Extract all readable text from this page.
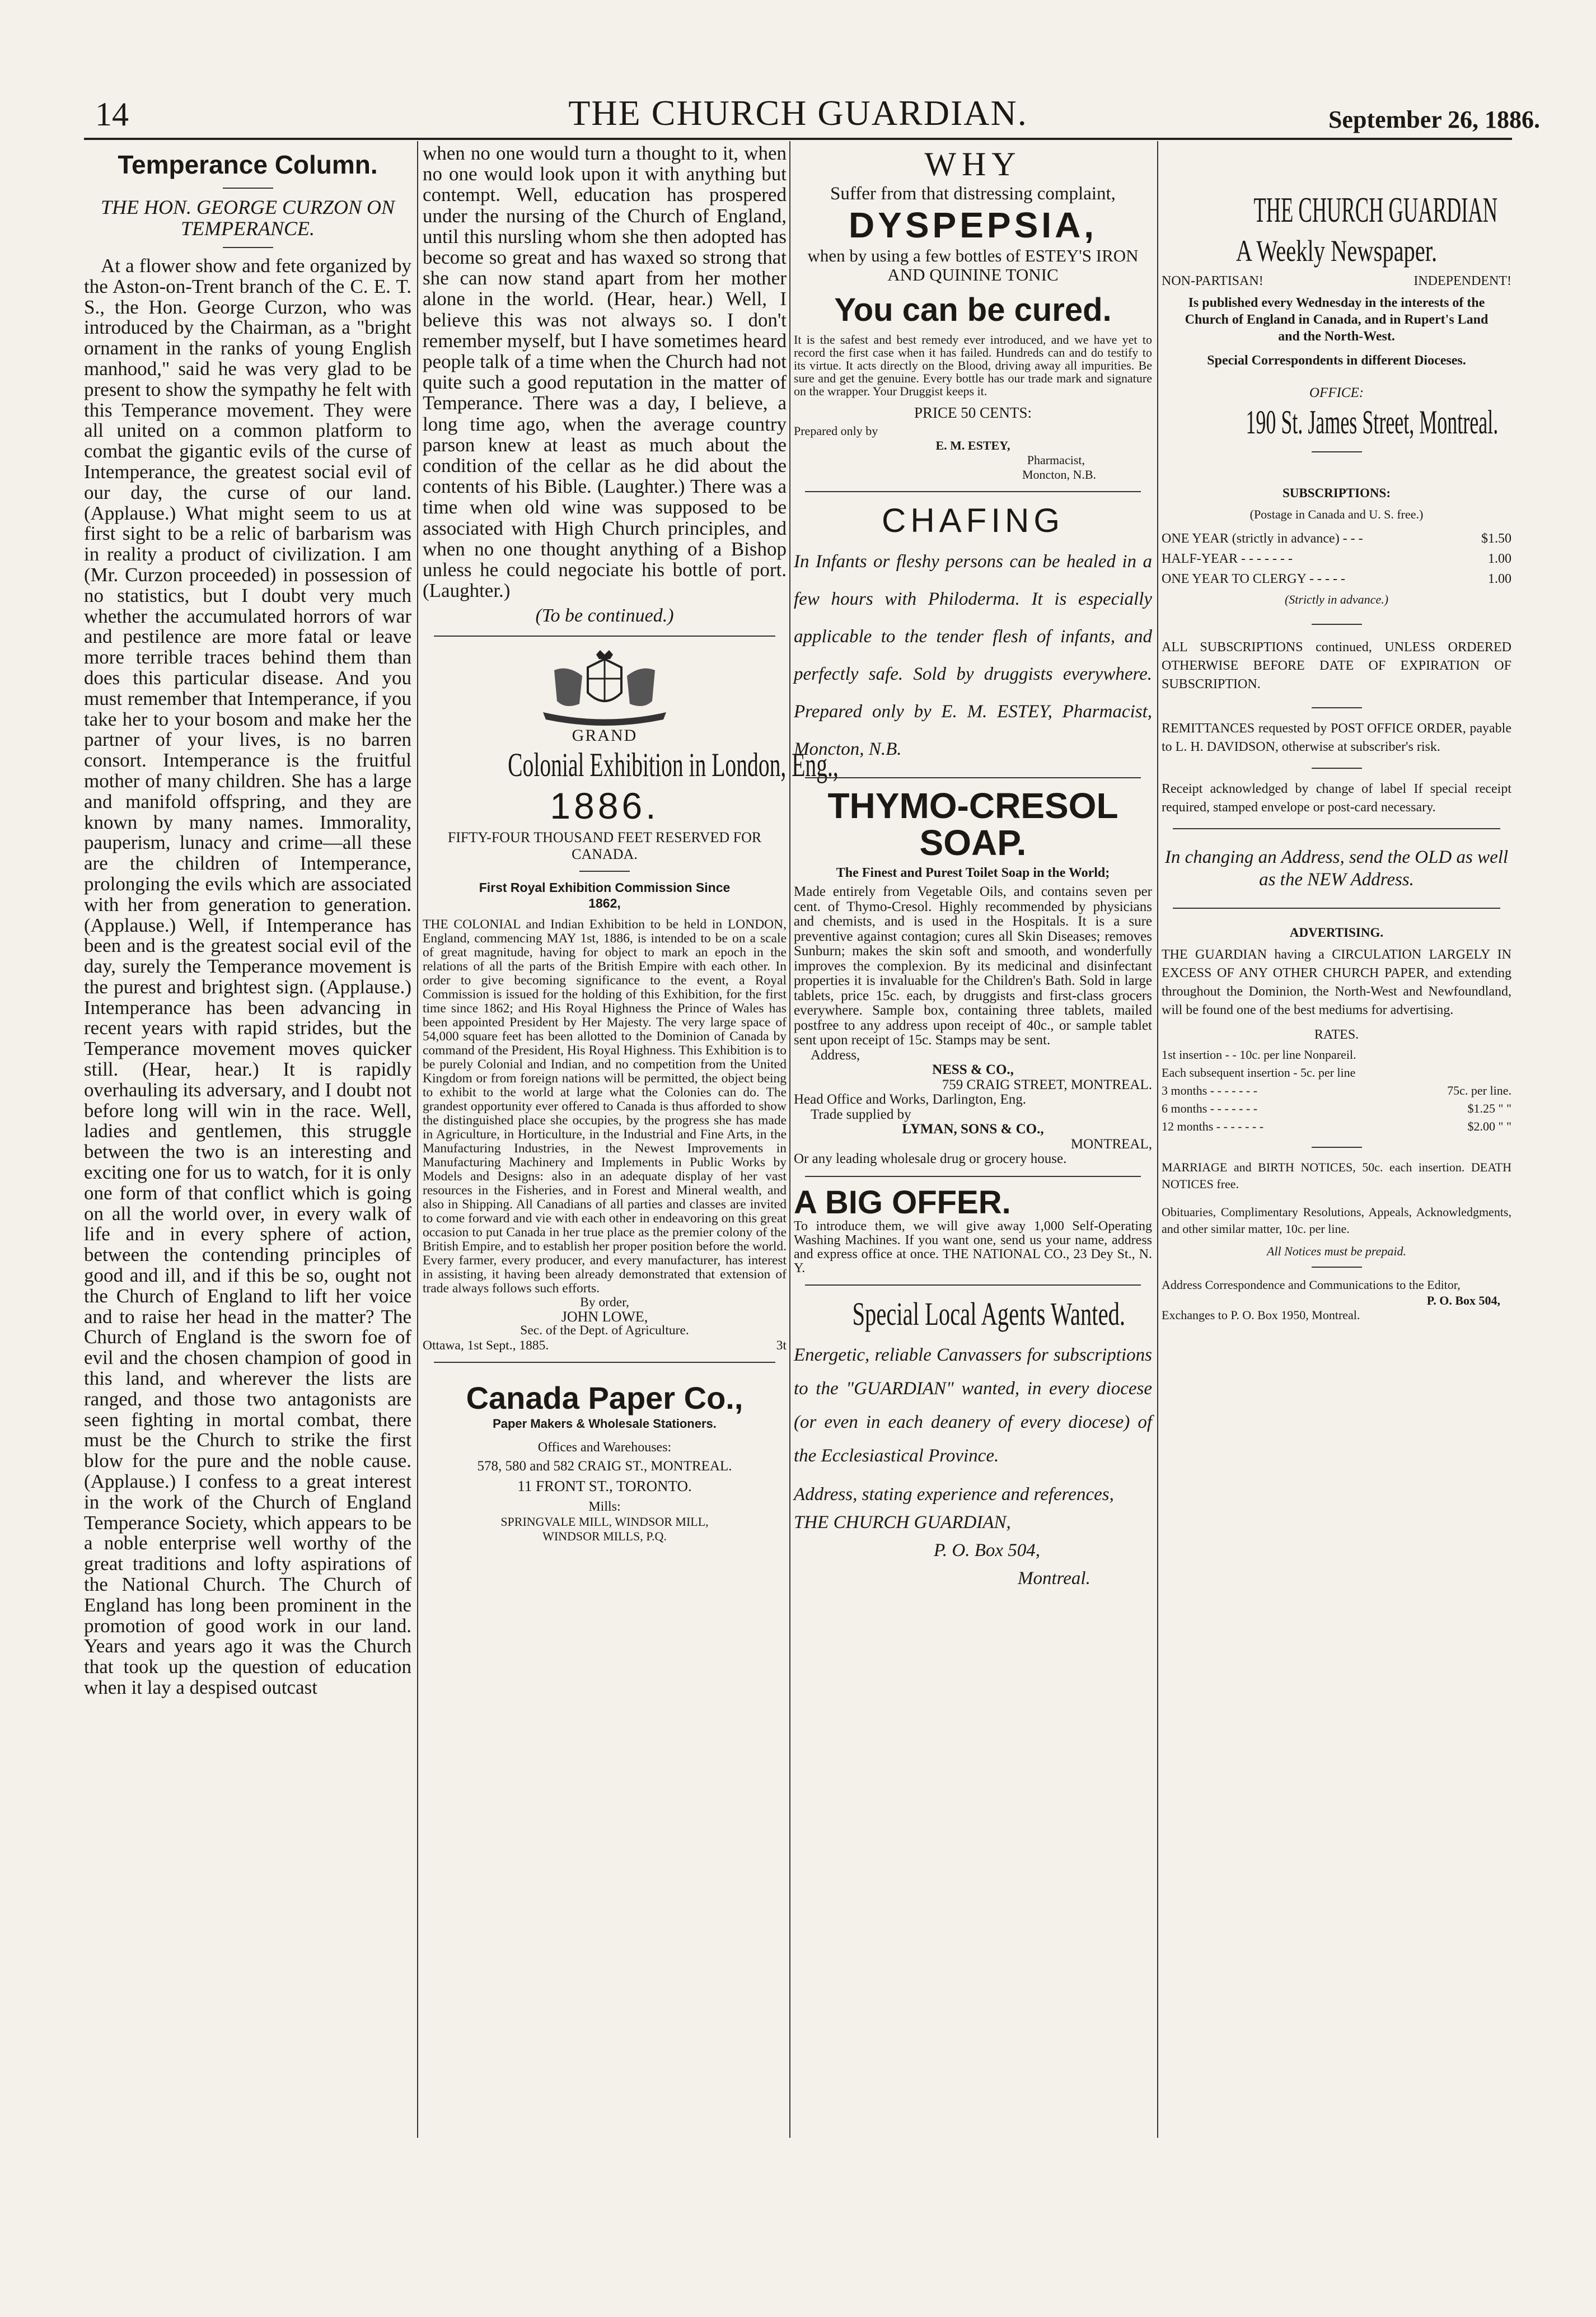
14	THE CHURCH GUARDIAN.	September 26, 1886.
Temperance Column.
THE HON. GEORGE CURZON ON TEMPERANCE.

At a flower show and fete organized by the Aston-on-Trent branch of the C. E. T. S., the Hon. George Curzon, who was introduced by the Chairman, as a "bright ornament in the ranks of young English manhood," said he was very glad to be present to show the sympathy he felt with this Temperance movement. They were all united on a common platform to combat the gigantic evils of the curse of Intemperance, the greatest social evil of our day, the curse of our land. (Applause.) What might seem to us at first sight to be a relic of barbarism was in reality a product of civilization. I am (Mr. Curzon proceeded) in possession of no statistics, but I doubt very much whether the accumulated horrors of war and pestilence are more fatal or leave more terrible traces behind them than does this particular disease. And you must remember that Intemperance, if you take her to your bosom and make her the partner of your lives, is no barren consort. Intemperance is the fruitful mother of many children. She has a large and manifold offspring, and they are known by many names. Immorality, pauperism, lunacy and crime—all these are the children of Intemperance, prolonging the evils which are associated with her from generation to generation. (Applause.) Well, if Intemperance has been and is the greatest social evil of the day, surely the Temperance movement is the purest and brightest sign. (Applause.) Intemperance has been advancing in recent years with rapid strides, but the Temperance movement moves quicker still. (Hear, hear.) It is rapidly overhauling its adversary, and I doubt not before long will win in the race. Well, ladies and gentlemen, this struggle between the two is an interesting and exciting one for us to watch, for it is only one form of that conflict which is going on all the world over, in every walk of life and in every sphere of action, between the contending principles of good and ill, and if this be so, ought not the Church of England to lift her voice and to raise her head in the matter? The Church of England is the sworn foe of evil and the chosen champion of good in this land, and wherever the lists are ranged, and those two antagonists are seen fighting in mortal combat, there must be the Church to strike the first blow for the pure and the noble cause. (Applause.) I confess to a great interest in the work of the Church of England Temperance Society, which appears to be a noble enterprise well worthy of the great traditions and lofty aspirations of the National Church. The Church of England has long been prominent in the promotion of good work in our land. Years and years ago it was the Church that took up the question of education when it lay a despised outcast

when no one would turn a thought to it, when no one would look upon it with anything but contempt. Well, education has prospered under the nursing of the Church of England, until this nursling whom she then adopted has become so great and has waxed so strong that she can now stand apart from her mother alone in the world. (Hear, hear.) Well, I believe this was not always so. I don't remember myself, but I have sometimes heard people talk of a time when the Church had not quite such a good reputation in the matter of Temperance. There was a day, I believe, a long time ago, when the average country parson knew at least as much about the condition of the cellar as he did about the contents of his Bible. (Laughter.) There was a time when old wine was supposed to be associated with High Church principles, and when no one thought anything of a Bishop unless he could negociate his bottle of port. (Laughter.)

(To be continued.)
GRAND
Colonial Exhibition in London, Eng.,
1886.
FIFTY-FOUR THOUSAND FEET RESERVED FOR CANADA.
First Royal Exhibition Commission Since 1862,

THE COLONIAL and Indian Exhibition to be held in LONDON, England, commencing MAY 1st, 1886, is intended to be on a scale of great magnitude, having for object to mark an epoch in the relations of all the parts of the British Empire with each other. In order to give becoming significance to the event, a Royal Commission is issued for the holding of this Exhibition, for the first time since 1862; and His Royal Highness the Prince of Wales has been appointed President by Her Majesty. The very large space of 54,000 square feet has been allotted to the Dominion of Canada by command of the President, His Royal Highness. This Exhibition is to be purely Colonial and Indian, and no competition from the United Kingdom or from foreign nations will be permitted, the object being to exhibit to the world at large what the Colonies can do. The grandest opportunity ever offered to Canada is thus afforded to show the distinguished place she occupies, by the progress she has made in Agriculture, in Horticulture, in the Industrial and Fine Arts, in the Manufacturing Industries, in the Newest Improvements in Manufacturing Machinery and Implements in Public Works by Models and Designs: also in an adequate display of her vast resources in the Fisheries, and in Forest and Mineral wealth, and also in Shipping. All Canadians of all parties and classes are invited to come forward and vie with each other in endeavoring on this great occasion to put Canada in her true place as the premier colony of the British Empire, and to establish her proper position before the world. Every farmer, every producer, and every manufacturer, has interest in assisting, it having been already demonstrated that extension of trade always follows such efforts.

By order,
JOHN LOWE,
Sec. of the Dept. of Agriculture.
Ottawa, 1st Sept., 1885.	3t
Canada Paper Co.,
Paper Makers & Wholesale Stationers.
Offices and Warehouses:
578, 580 and 582 CRAIG ST., MONTREAL.
11 FRONT ST., TORONTO.
Mills:
SPRINGVALE MILL, WINDSOR MILL,
WINDSOR MILLS, P.Q.
WHY
Suffer from that distressing complaint,
DYSPEPSIA,
when by using a few bottles of ESTEY'S IRON AND QUININE TONIC
You can be cured.

It is the safest and best remedy ever introduced, and we have yet to record the first case when it has failed. Hundreds can and do testify to its virtue. It acts directly on the Blood, driving away all impurities. Be sure and get the genuine. Every bottle has our trade mark and signature on the wrapper. Your Druggist keeps it.

PRICE 50 CENTS:
Prepared only by
E. M. ESTEY,
Pharmacist,
Moncton, N.B.
CHAFING

In Infants or fleshy persons can be healed in a few hours with Philoderma. It is especially applicable to the tender flesh of infants, and perfectly safe. Sold by druggists everywhere. Prepared only by E. M. ESTEY, Pharmacist, Moncton, N.B.

THYMO-CRESOL
SOAP.
The Finest and Purest Toilet Soap in the World;

Made entirely from Vegetable Oils, and contains seven per cent. of Thymo-Cresol. Highly recommended by physicians and chemists, and is used in the Hospitals. It is a sure preventive against contagion; cures all Skin Diseases; removes Sunburn; makes the skin soft and smooth, and wonderfully improves the complexion. By its medicinal and disinfectant properties it is invaluable for the Children's Bath. Sold in large tablets, price 15c. each, by druggists and first-class grocers everywhere. Sample box, containing three tablets, mailed postfree to any address upon receipt of 40c., or sample tablet sent upon receipt of 15c. Stamps may be sent.

Address,
NESS & CO.,
759 CRAIG STREET, MONTREAL.
Head Office and Works, Darlington, Eng.
Trade supplied by
LYMAN, SONS & CO.,
MONTREAL,
Or any leading wholesale drug or grocery house.
A BIG OFFER.

To introduce them, we will give away 1,000 Self-Operating Washing Machines. If you want one, send us your name, address and express office at once. THE NATIONAL CO., 23 Dey St., N. Y.

Special Local Agents Wanted.

Energetic, reliable Canvassers for subscriptions to the "GUARDIAN" wanted, in every diocese (or even in each deanery of every diocese) of the Ecclesiastical Province.

Address, stating experience and references,

THE CHURCH GUARDIAN,
P. O. Box 504,
Montreal.
THE CHURCH GUARDIAN
A Weekly Newspaper.
NON-PARTISAN!	INDEPENDENT!
Is published every Wednesday in the interests of the Church of England in Canada, and in Rupert's Land and the North-West.
Special Correspondents in different Dioceses.
OFFICE:
190 St. James Street, Montreal.
SUBSCRIPTIONS:
(Postage in Canada and U. S. free.)
ONE YEAR (strictly in advance) - - -	$1.50
HALF-YEAR - - - - - - -	1.00
ONE YEAR TO CLERGY - - - - -	1.00
(Strictly in advance.)

ALL SUBSCRIPTIONS continued, UNLESS ORDERED OTHERWISE BEFORE DATE OF EXPIRATION OF SUBSCRIPTION.

REMITTANCES requested by POST OFFICE ORDER, payable to L. H. DAVIDSON, otherwise at subscriber's risk.

Receipt acknowledged by change of label If special receipt required, stamped envelope or post-card necessary.

In changing an Address, send the OLD as well as the NEW Address.

ADVERTISING.

THE GUARDIAN having a CIRCULATION LARGELY IN EXCESS OF ANY OTHER CHURCH PAPER, and extending throughout the Dominion, the North-West and Newfoundland, will be found one of the best mediums for advertising.

RATES.
1st insertion - - 10c. per line Nonpareil.
Each subsequent insertion - 5c. per line
3 months - - - - - - -	75c. per line.
6 months - - - - - - -	$1.25 " "
12 months - - - - - - -	$2.00 " "

MARRIAGE and BIRTH NOTICES, 50c. each insertion. DEATH NOTICES free.

Obituaries, Complimentary Resolutions, Appeals, Acknowledgments, and other similar matter, 10c. per line.

All Notices must be prepaid.

Address Correspondence and Communications to the Editor,

P. O. Box 504,
Exchanges to P. O. Box 1950, Montreal.
